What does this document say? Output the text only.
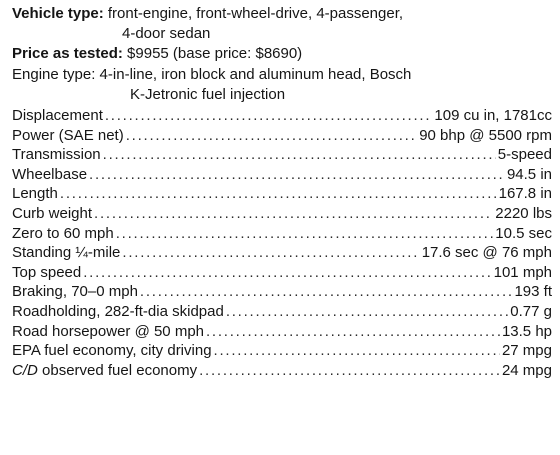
Vehicle type: front-engine, front-wheel-drive, 4-passenger,
4-door sedan
Price as tested: $9955 (base price: $8690)
Engine type: 4-in-line, iron block and aluminum head, Bosch
K-Jetronic fuel injection
Displacement . . .	109 cu in, 1781cc
Power (SAE net) . . .	90 bhp @ 5500 rpm
Transmission . . .	5-speed
Wheelbase . . .	94.5 in
Length . . .	167.8 in
Curb weight . . .	2220 lbs
Zero to 60 mph . . .	10.5 sec
Standing ¼-mile . . .	17.6 sec @ 76 mph
Top speed . . .	101 mph
Braking, 70–0 mph . . .	193 ft
Roadholding, 282-ft-dia skidpad . . .	0.77 g
Road horsepower @ 50 mph . . .	13.5 hp
EPA fuel economy, city driving . . .	27 mpg
C/D observed fuel economy . . .	24 mpg
